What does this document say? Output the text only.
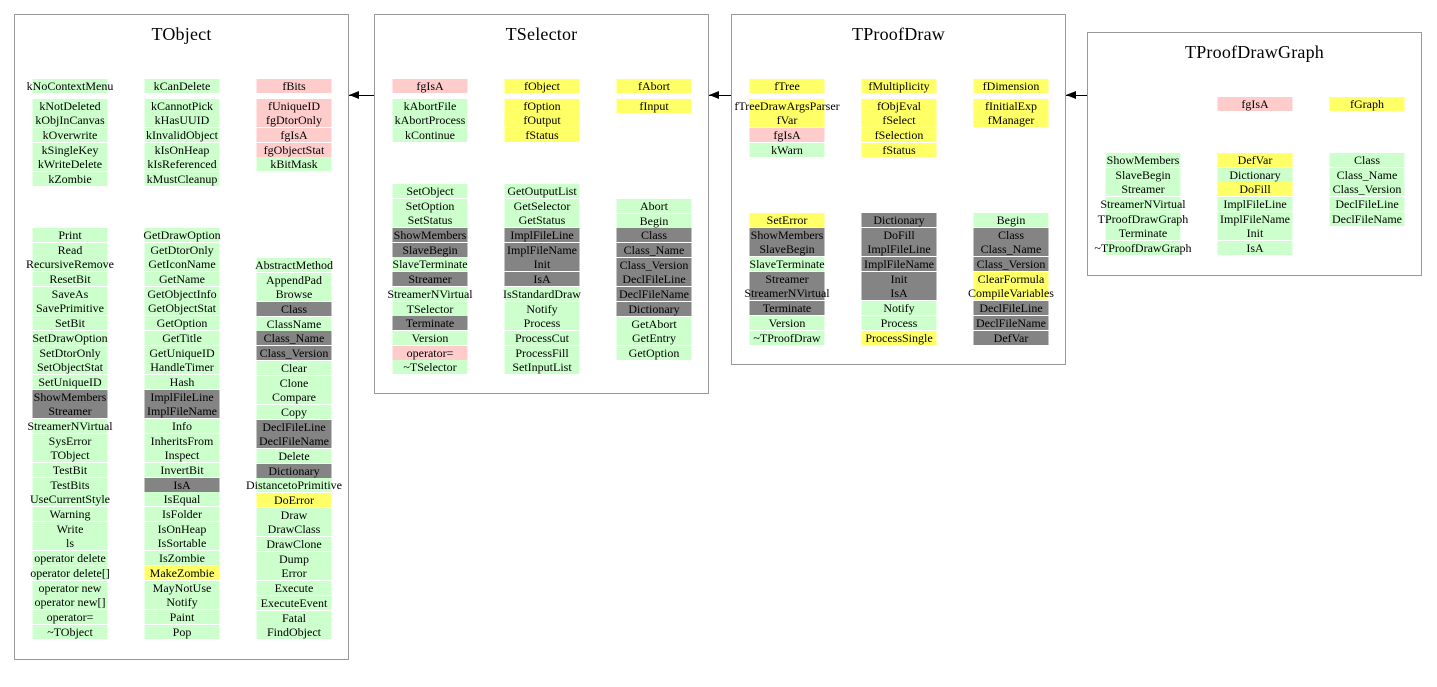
TObject
kNoContextMenu
kNotDeleted
kObjInCanvas
kOverwrite
kSingleKey
kWriteDelete
kZombie
Print
Read
RecursiveRemove
ResetBit
SaveAs
SavePrimitive
SetBit
SetDrawOption
SetDtorOnly
SetObjectStat
SetUniqueID
ShowMembers
Streamer
StreamerNVirtual
SysError
TObject
TestBit
TestBits
UseCurrentStyle
Warning
Write
ls
operator delete
operator delete[]
operator new
operator new[]
operator=
~TObject
kCanDelete
kCannotPick
kHasUUID
kInvalidObject
kIsOnHeap
kIsReferenced
kMustCleanup
GetDrawOption
GetDtorOnly
GetIconName
GetName
GetObjectInfo
GetObjectStat
GetOption
GetTitle
GetUniqueID
HandleTimer
Hash
ImplFileLine
ImplFileName
Info
InheritsFrom
Inspect
InvertBit
IsA
IsEqual
IsFolder
IsOnHeap
IsSortable
IsZombie
MakeZombie
MayNotUse
Notify
Paint
Pop
fBits
fUniqueID
fgDtorOnly
fgIsA
fgObjectStat
kBitMask
AbstractMethod
AppendPad
Browse
Class
ClassName
Class_Name
Class_Version
Clear
Clone
Compare
Copy
DeclFileLine
DeclFileName
Delete
Dictionary
DistancetoPrimitive
DoError
Draw
DrawClass
DrawClone
Dump
Error
Execute
ExecuteEvent
Fatal
FindObject
TSelector
fgIsA
kAbortFile
kAbortProcess
kContinue
SetObject
SetOption
SetStatus
ShowMembers
SlaveBegin
SlaveTerminate
Streamer
StreamerNVirtual
TSelector
Terminate
Version
operator=
~TSelector
fObject
fOption
fOutput
fStatus
GetOutputList
GetSelector
GetStatus
ImplFileLine
ImplFileName
Init
IsA
IsStandardDraw
Notify
Process
ProcessCut
ProcessFill
SetInputList
fAbort
fInput
Abort
Begin
Class
Class_Name
Class_Version
DeclFileLine
DeclFileName
Dictionary
GetAbort
GetEntry
GetOption
TProofDraw
fTree
fTreeDrawArgsParser
fVar
fgIsA
kWarn
SetError
ShowMembers
SlaveBegin
SlaveTerminate
Streamer
StreamerNVirtual
Terminate
Version
~TProofDraw
fMultiplicity
fObjEval
fSelect
fSelection
fStatus
Dictionary
DoFill
ImplFileLine
ImplFileName
Init
IsA
Notify
Process
ProcessSingle
fDimension
fInitialExp
fManager
Begin
Class
Class_Name
Class_Version
ClearFormula
CompileVariables
DeclFileLine
DeclFileName
DefVar
TProofDrawGraph
ShowMembers
SlaveBegin
Streamer
StreamerNVirtual
TProofDrawGraph
Terminate
~TProofDrawGraph
fgIsA
DefVar
Dictionary
DoFill
ImplFileLine
ImplFileName
Init
IsA
fGraph
Class
Class_Name
Class_Version
DeclFileLine
DeclFileName
